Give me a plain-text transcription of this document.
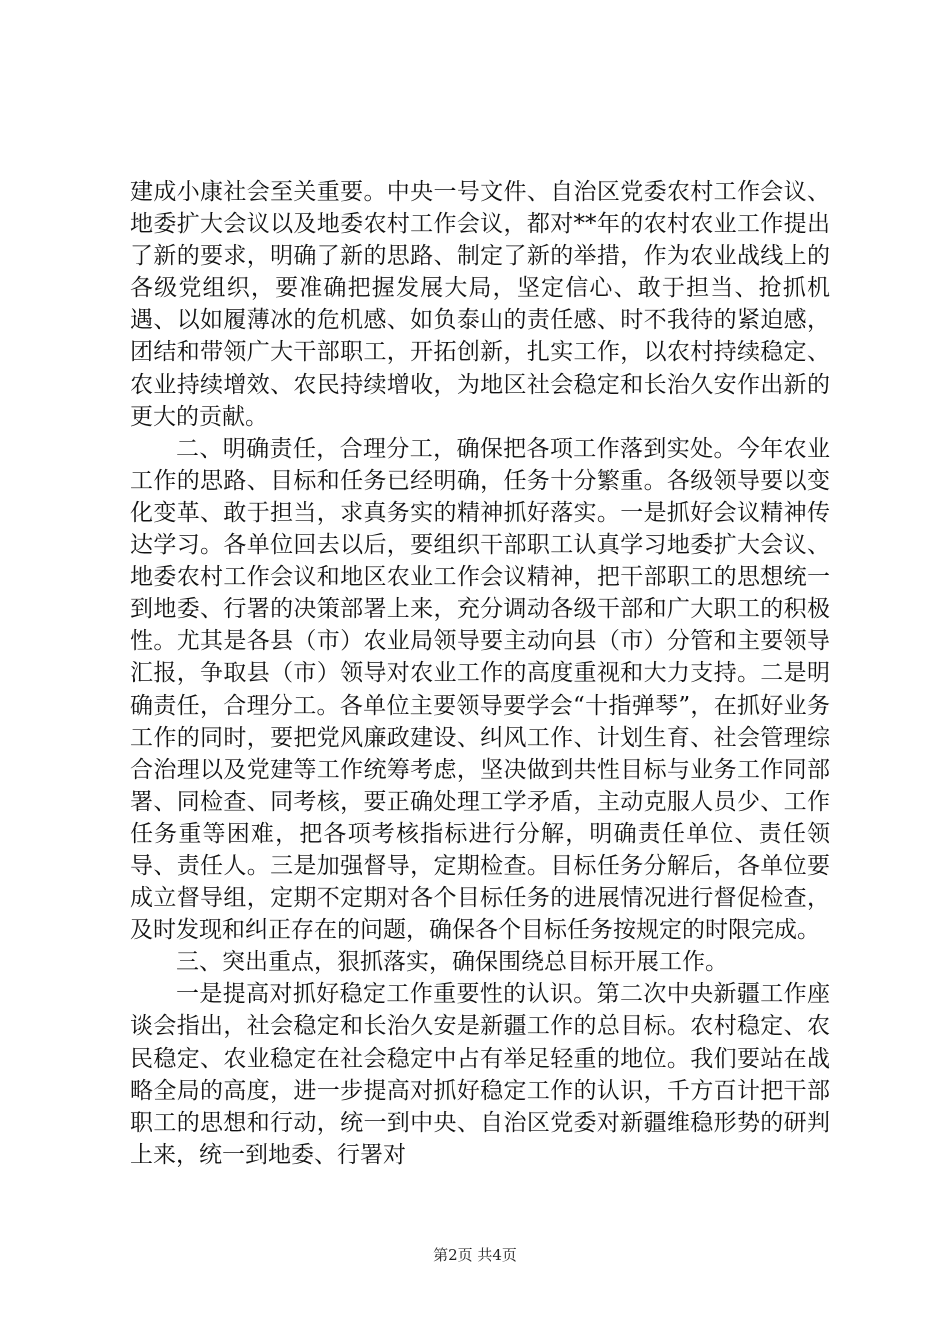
建成小康社会至关重要。中央一号文件、自治区党委农村工作会议、地委扩大会议以及地委农村工作会议，都对**年的农村农业工作提出了新的要求，明确了新的思路、制定了新的举措，作为农业战线上的各级党组织，要准确把握发展大局，坚定信心、敢于担当、抢抓机遇、以如履薄冰的危机感、如负泰山的责任感、时不我待的紧迫感，团结和带领广大干部职工，开拓创新，扎实工作，以农村持续稳定、农业持续增效、农民持续增收，为地区社会稳定和长治久安作出新的更大的贡献。

二、明确责任，合理分工，确保把各项工作落到实处。今年农业工作的思路、目标和任务已经明确，任务十分繁重。各级领导要以变化变革、敢于担当，求真务实的精神抓好落实。一是抓好会议精神传达学习。各单位回去以后，要组织干部职工认真学习地委扩大会议、地委农村工作会议和地区农业工作会议精神，把干部职工的思想统一到地委、行署的决策部署上来，充分调动各级干部和广大职工的积极性。尤其是各县（市）农业局领导要主动向县（市）分管和主要领导汇报，争取县（市）领导对农业工作的高度重视和大力支持。二是明确责任，合理分工。各单位主要领导要学会“十指弹琴”，在抓好业务工作的同时，要把党风廉政建设、纠风工作、计划生育、社会管理综合治理以及党建等工作统筹考虑，坚决做到共性目标与业务工作同部署、同检查、同考核，要正确处理工学矛盾，主动克服人员少、工作任务重等困难，把各项考核指标进行分解，明确责任单位、责任领导、责任人。三是加强督导，定期检查。目标任务分解后，各单位要成立督导组，定期不定期对各个目标任务的进展情况进行督促检查，及时发现和纠正存在的问题，确保各个目标任务按规定的时限完成。

三、突出重点，狠抓落实，确保围绕总目标开展工作。

一是提高对抓好稳定工作重要性的认识。第二次中央新疆工作座谈会指出，社会稳定和长治久安是新疆工作的总目标。农村稳定、农民稳定、农业稳定在社会稳定中占有举足轻重的地位。我们要站在战略全局的高度，进一步提高对抓好稳定工作的认识，千方百计把干部职工的思想和行动，统一到中央、自治区党委对新疆维稳形势的研判上来，统一到地委、行署对

第2页 共4页
